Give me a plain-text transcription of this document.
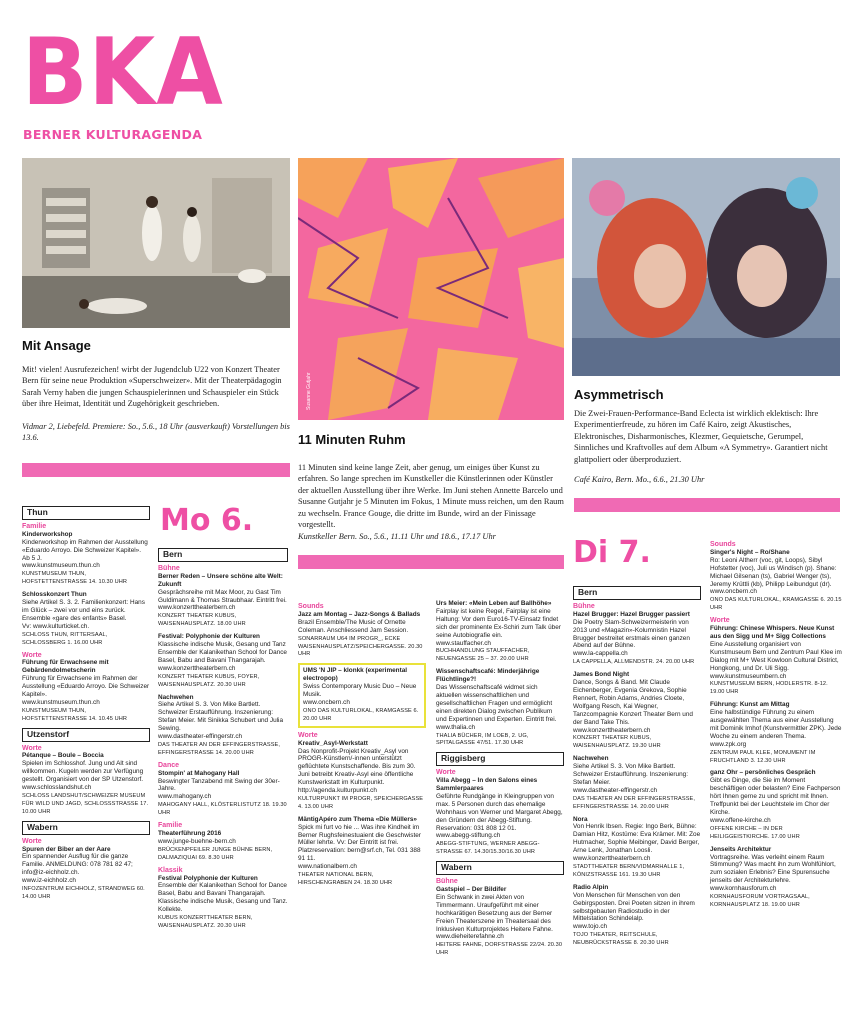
BKA
BERNER KULTURAGENDA
Susanne Gutjahr
Mit Ansage
Mit! vielen! Ausrufezeichen! wirbt der Jugendclub U22 von Konzert Theater Bern für seine neue Produktion «Superschweizer». Mit der Theaterpädagogin Sarah Verny haben die jungen Schauspielerinnen und Schauspieler ein Stück über ihre Heimat, Identität und Zugehörigkeit geschrieben.
Vidmar 2, Liebefeld. Premiere: So., 5.6., 18 Uhr (ausverkauft) Vorstellungen bis 13.6.	11 Minuten Ruhm
11 Minuten sind keine lange Zeit, aber genug, um einiges über Kunst zu erfahren. So lange sprechen im Kunstkeller die Künstlerinnen oder Künstler der aktuellen Ausstellung über ihre Werke. Im Juni stehen Annette Barcelo und Susanne Gutjahr je 5 Minuten im Fokus, 1 Minute muss reichen, um den Raum zu wechseln. France Gouge, die dritte im Bunde, wird an der Finissage vorgestellt.
Kunstkeller Bern. So., 5.6., 11.11 Uhr und 18.6., 17.17 Uhr
Asymmetrisch
Die Zwei-Frauen-Performance-Band Eclecta ist wirklich eklektisch: Ihre Experimentierfreude, zu hören im Café Kairo, zeigt Akustisches, Elektronisches, Disharmonisches, Klezmer, Gequietsche, Gerumpel, Sinnliches und Kraftvolles auf dem Album «A Symmetry». Garantiert nicht glattpoliert oder überproduziert.
Café Kairo, Bern. Mo., 6.6., 21.30 Uhr
Mo 6.
Di 7.
Thun
Familie
Kinderworkshop
Kinderworkshop im Rahmen der Ausstellung «Eduardo Arroyo. Die Schweizer Kapitel». Ab 5 J.
www.kunstmuseum.thun.ch
KUNSTMUSEUM THUN, HOFSTETTENSTRASSE 14. 10.30 UHR
Schlosskonzert Thun
Siehe Artikel S. 3. 2. Familienkonzert: Hans im Glück – zwei vor und eins zurück. Ensemble «gare des enfants» Basel.
Vv: www.kulturticket.ch.
SCHLOSS THUN, RITTERSAAL, SCHLOSSBERG 1. 16.00 UHR
Worte
Führung für Erwachsene mit Gebärdendolmetscherin
Führung für Erwachsene im Rahmen der Ausstellung «Eduardo Arroyo. Die Schweizer Kapitel».
www.kunstmuseum.thun.ch
KUNSTMUSEUM THUN, HOFSTETTENSTRASSE 14. 10.45 UHR
Utzenstorf
Worte
Pétanque – Boule – Boccia
Spielen im Schlosshof. Jung und Alt sind willkommen. Kugeln werden zur Verfügung gestellt. Organisiert von der SP Utzenstorf.
www.schlosslandshut.ch
SCHLOSS LANDSHUT/SCHWEIZER MUSEUM FÜR WILD UND JAGD, SCHLOSSSTRASSE 17. 10.00 UHR
Wabern
Worte
Spuren der Biber an der Aare
Ein spannender Ausflug für die ganze Familie. ANMELDUNG: 078 781 82 47; info@iz-eichholz.ch.
www.iz-eichholz.ch
INFOZENTRUM EICHHOLZ, STRANDWEG 60. 14.00 UHR
Bern
Bühne
Berner Reden – Unsere schöne alte Welt: Zukunft
Gesprächsreihe mit Max Moor, zu Gast Tim Guldimann & Thomas Straubhaar. Eintritt frei.
www.konzerttheaterbern.ch
KONZERT THEATER KUBUS, WAISENHAUSPLATZ. 18.00 UHR
Festival: Polyphonie der Kulturen
Klassische indische Musik, Gesang und Tanz Ensemble der Kalanikethan School for Dance Basel, Babu and Bavani Thangarajah.
www.konzerttheaterbern.ch
KONZERT THEATER KUBUS, FOYER, WAISENHAUSPLATZ. 20.30 UHR
Nachwehen
Siehe Artikel S. 3. Von Mike Bartlett. Schweizer Erstaufführung. Inszenierung: Stefan Meier. Mit Sinikka Schubert und Julia Sewing.
www.dastheater-effingerstr.ch
DAS THEATER AN DER EFFINGERSTRASSE, EFFINGERSTRASSE 14. 20.00 UHR
Dance
Stompin' at Mahogany Hall
Beswingter Tanzabend mit Swing der 30er-Jahre.
www.mahogany.ch
MAHOGANY HALL, KLÖSTERLISTUTZ 18. 19.30 UHR
Familie
Theaterführung 2016
www.junge-buehne-bern.ch
BRÜCKENPFEILER JUNGE BÜHNE BERN, DALMAZIQUAI 69. 8.30 UHR
Klassik
Festival Polyphonie der Kulturen
Ensemble der Kalanikethan School for Dance Basel, Babu and Bavani Thangarajah. Klassische indische Musik, Gesang und Tanz. Kollekte.
KUBUS KONZERTTHEATER BERN, WAISENHAUSPLATZ. 20.30 UHR
Sounds
Jazz am Montag – Jazz-Songs & Ballads
Brazil Ensemble/The Music of Ornette Coleman. Anschliessend Jam Session.
SONARRAUM U64 IM PROGR_, ECKE WAISENHAUSPLATZ/SPEICHERGASSE. 20.30 UHR
UMS 'N JIP – klonkk (experimental electropop)
Swiss Contemporary Music Duo – Neue Musik.
www.oncbern.ch
ONO DAS KULTURLOKAL, KRAMGASSE 6. 20.00 UHR
Worte
Kreativ_Asyl-Werkstatt
Das Nonprofit-Projekt Kreativ_Asyl von PROGR-Künstlern/-innen unterstützt geflüchtete Kunstschaffende. Bis zum 30. Juni betreibt Kreativ-Asyl eine öffentliche Kunstwerkstatt im Kulturpunkt.
http://agenda.kulturpunkt.ch
KULTURPUNKT IM PROGR, SPEICHERGASSE 4. 13.00 UHR
MäntigApéro zum Thema «Die Müllers»
Spick mi furt vo hie ... Was ihre Kindheit im Berner Rughsfeinestuaient die Geschwister Müller lehrte. Vv: Der Eintritt ist frei. Platzreservation: bern@srf.ch, Tel. 031 388 91 11.
www.nationalbern.ch
THEATER NATIONAL BERN, HIRSCHENGRABEN 24. 18.30 UHR
Urs Meier: «Mein Leben auf Ballhöhe»
Fairplay ist keine Regel, Fairplay ist eine Haltung: Vor dem Euro16-TV-Einsatz findet sich der prominente Ex-Schiri zum Talk über seine Autobiografie ein.
www.stauffacher.ch
BUCHHANDLUNG STAUFFACHER, NEUENGASSE 25 – 37. 20.00 UHR
Wissenschaftscafé: Minderjährige Flüchtlinge?!
Das Wissenschaftscafé widmet sich aktuellen wissenschaftlichen und gesellschaftlichen Fragen und ermöglicht einen direkten Dialog zwischen Publikum und Expertinnen und Experten. Eintritt frei.
www.thalia.ch
THALIA BÜCHER, IM LOEB, 2. UG, SPITALGASSE 47/51. 17.30 UHR
Riggisberg
Worte
Villa Abegg – In den Salons eines Sammlerpaares
Geführte Rundgänge in Kleingruppen von max. 5 Personen durch das ehemalige Wohnhaus von Werner und Margaret Abegg, den Gründern der Abegg-Stiftung. Reservation: 031 808 12 01.
www.abegg-stiftung.ch
ABEGG-STIFTUNG, WERNER ABEGG-STRASSE 67. 14.30/15.30/16.30 UHR
Wabern
Bühne
Gastspiel – Der Bildifer
Ein Schwank in zwei Akten von Timmermann. Uraufgeführt mit einer hochkarätigen Besetzung aus der Berner Freien Theaterszene im Theatersaal des Inklusiven Kulturprojektes Heitere Fahne.
www.dieheiterefahne.ch
HEITERE FAHNE, DORFSTRASSE 22/24. 20.30 UHR
Bern
Bühne
Hazel Brugger: Hazel Brugger passiert
Die Poetry Slam-Schweizermeisterin von 2013 und «Magazin»-Kolumnistin Hazel Brugger bestreitet erstmals einen ganzen Abend auf der Bühne.
www.la-cappella.ch
LA CAPPELLA, ALLMENDSTR. 24. 20.00 UHR
James Bond Night
Dance, Songs & Band. Mit Claude Eichenberger, Evgenia Grekova, Sophie Rennert, Robin Adams, Andries Cloete, Wolfgang Resch, Kai Wegner, Tanzcompagnie Konzert Theater Bern und der Band Take This.
www.konzerttheaterbern.ch
KONZERT THEATER KUBUS, WAISENHAUSPLATZ. 19.30 UHR
Nachwehen
Siehe Artikel S. 3. Von Mike Bartlett. Schweizer Erstaufführung. Inszenierung: Stefan Meier.
www.dastheater-effingerstr.ch
DAS THEATER AN DER EFFINGERSTRASSE, EFFINGERSTRASSE 14. 20.00 UHR
Nora
Von Henrik Ibsen. Regie: Ingo Berk, Bühne: Damian Hitz, Kostüme: Eva Krämer. Mit: Zoe Hutmacher, Sophie Meibinger, David Berger, Arne Lenk, Jonathan Loosli.
www.konzerttheaterbern.ch
STADTTHEATER BERN/VIDMARHALLE 1, KÖNIZSTRASSE 161. 19.30 UHR
Radio Alpin
Von Menschen für Menschen von den Gebirgsposten. Drei Poeten sitzen in ihrem selbstgebauten Radiostudio in der Mittelstation Schindelalp.
www.tojo.ch
TOJO THEATER, REITSCHULE, NEUBRÜCKSTRASSE 8. 20.30 UHR
Sounds
Singer's Night – Ro/Shane
Ro: Leoni Altherr (voc, git, Loops), Sibyl Hofstetter (voc), Juli us Windisch (p). Shane: Michael Gilsenan (ts), Gabriel Wenger (ts), Jeremy Krüttli (kb), Philipp Leibundgut (dr).
www.oncbern.ch
ONO DAS KULTURLOKAL, KRAMGASSE 6. 20.15 UHR
Worte
Führung: Chinese Whispers. Neue Kunst aus den Sigg und M+ Sigg Collections
Eine Ausstellung organisiert von Kunstmuseum Bern und Zentrum Paul Klee im Dialog mit M+ West Kowloon Cultural District, Hongkong, und Dr. Uli Sigg.
www.kunstmuseumbern.ch
KUNSTMUSEUM BERN, HODLERSTR. 8-12. 19.00 UHR
Führung: Kunst am Mittag
Eine halbstündige Führung zu einem ausgewählten Thema aus einer Ausstellung mit Dominik Imhof (Kunstvermittler ZPK). Jede Woche zu einem anderen Thema.
www.zpk.org
ZENTRUM PAUL KLEE, MONUMENT IM FRUCHTLAND 3. 12.30 UHR
ganz Ohr – persönliches Gespräch
Gibt es Dinge, die Sie im Moment beschäftigen oder belasten? Eine Fachperson hört Ihnen gerne zu und spricht mit Ihnen. Treffpunkt bei der Leuchtstele im Chor der Kirche.
www.offene-kirche.ch
OFFENE KIRCHE – IN DER HEILIGGEISTKIRCHE. 17.00 UHR
Jenseits Architektur
Vortragsreihe. Was verleiht einem Raum Stimmung? Was macht ihn zum Wohlfühlort, zum sozialen Erlebnis? Eine Spurensuche jenseits der Architekturlehre.
www.kornhausforum.ch
KORNHAUSFORUM VORTRAGSAAL, KORNHAUSPLATZ 18. 19.00 UHR
